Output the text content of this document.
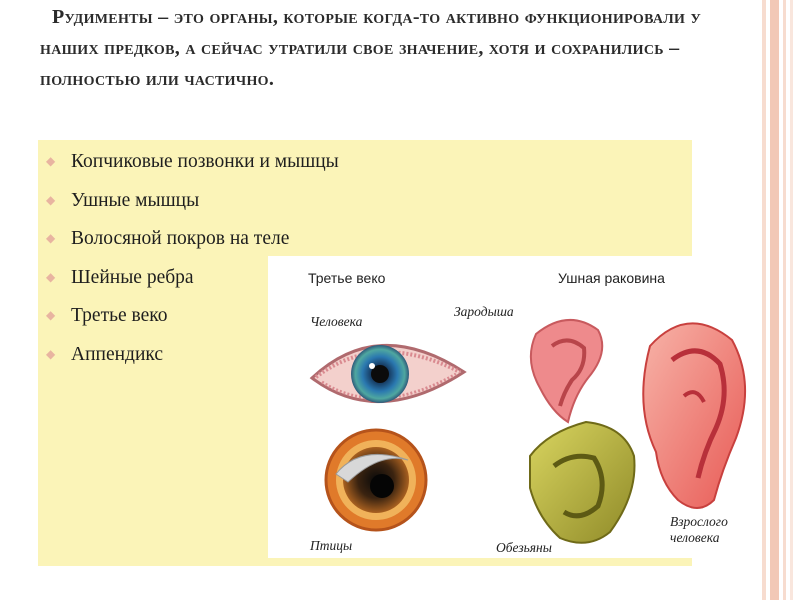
Рудименты – это органы, которые когда-то активно функционировали у наших предков, а сейчас утратили свое значение, хотя и сохранились – полностью или частично.
◆ Копчиковые позвонки и мышцы
◆ Ушные мышцы
◆ Волосяной покров на теле
◆ Шейные ребра
◆ Третье веко
◆ Аппендикс
Третье веко	Ушная раковина
Человека
Зародыша
Птицы	Обезьяны
Взрослого
человека
